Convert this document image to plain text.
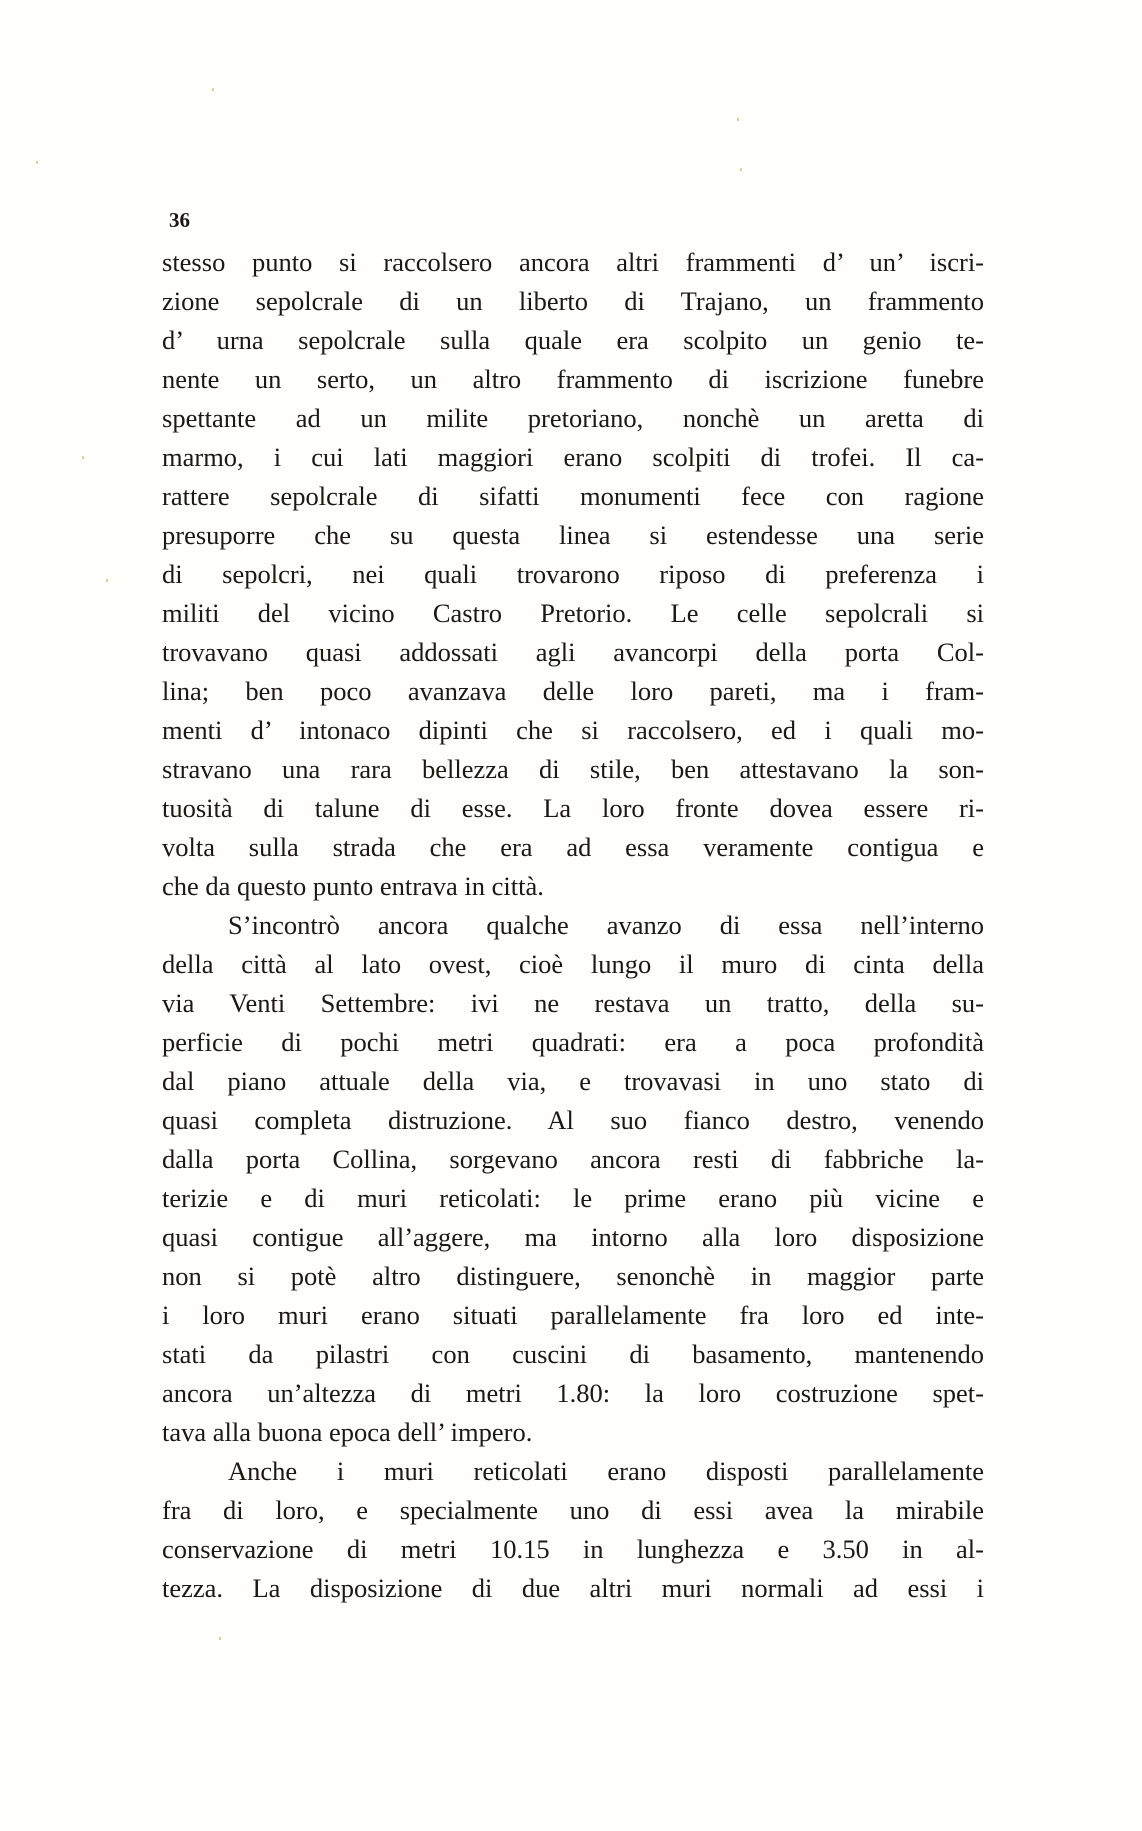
36
stesso punto si raccolsero ancora altri frammenti d’ un’ iscri-
zione sepolcrale di un liberto di Trajano, un frammento
d’ urna sepolcrale sulla quale era scolpito un genio te-
nente un serto, un altro frammento di iscrizione funebre
spettante ad un milite pretoriano, nonchè un aretta di
marmo, i cui lati maggiori erano scolpiti di trofei. Il ca-
rattere sepolcrale di sifatti monumenti fece con ragione
presuporre che su questa linea si estendesse una serie
di sepolcri, nei quali trovarono riposo di preferenza i
militi del vicino Castro Pretorio. Le celle sepolcrali si
trovavano quasi addossati agli avancorpi della porta Col-
lina; ben poco avanzava delle loro pareti, ma i fram-
menti d’ intonaco dipinti che si raccolsero, ed i quali mo-
stravano una rara bellezza di stile, ben attestavano la son-
tuosità di talune di esse. La loro fronte dovea essere ri-
volta sulla strada che era ad essa veramente contigua e
che da questo punto entrava in città.
S’incontrò ancora qualche avanzo di essa nell’interno
della città al lato ovest, cioè lungo il muro di cinta della
via Venti Settembre: ivi ne restava un tratto, della su-
perficie di pochi metri quadrati: era a poca profondità
dal piano attuale della via, e trovavasi in uno stato di
quasi completa distruzione. Al suo fianco destro, venendo
dalla porta Collina, sorgevano ancora resti di fabbriche la-
terizie e di muri reticolati: le prime erano più vicine e
quasi contigue all’aggere, ma intorno alla loro disposizione
non si potè altro distinguere, senonchè in maggior parte
i loro muri erano situati parallelamente fra loro ed inte-
stati da pilastri con cuscini di basamento, mantenendo
ancora un’altezza di metri 1.80: la loro costruzione spet-
tava alla buona epoca dell’ impero.
Anche i muri reticolati erano disposti parallelamente
fra di loro, e specialmente uno di essi avea la mirabile
conservazione di metri 10.15 in lunghezza e 3.50 in al-
tezza. La disposizione di due altri muri normali ad essi i
